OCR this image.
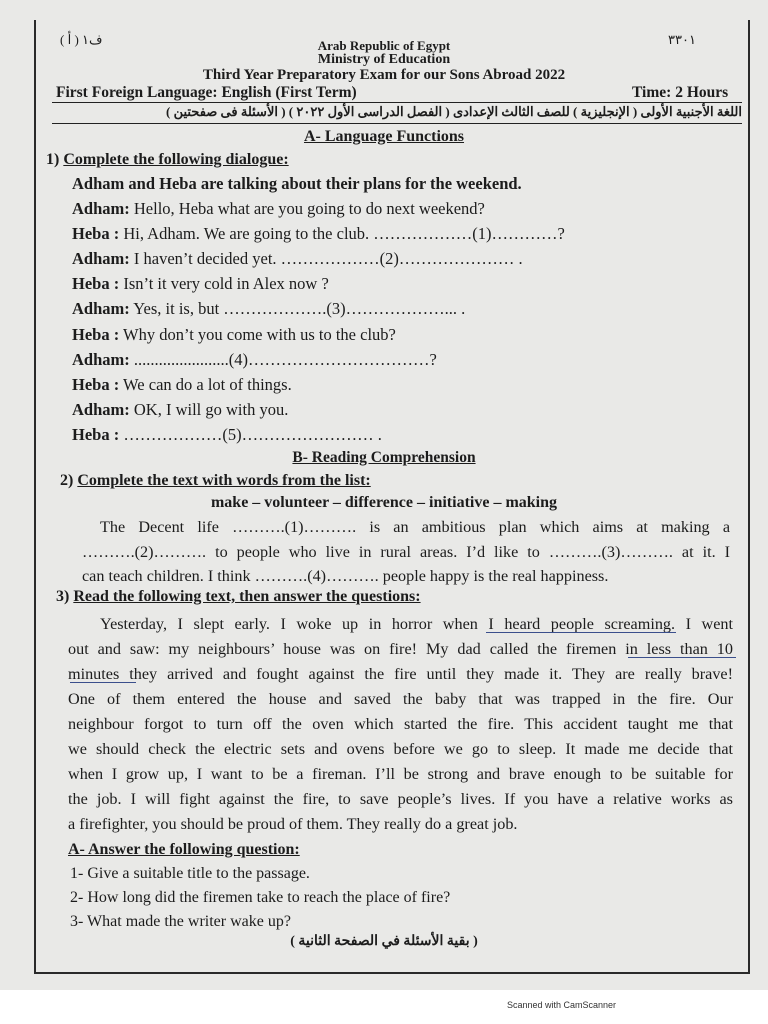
ف١ ( أ )	٣٣٠١
Arab Republic of Egypt
Ministry of Education
Third Year Preparatory Exam for our Sons Abroad 2022
First Foreign Language: English (First Term)	Time: 2 Hours
اللغة الأجنبية الأولى ( الإنجليزية ) للصف الثالث الإعدادى ( الفصل الدراسى الأول ٢٠٢٢ ) ( الأسئلة فى صفحتين )
A- Language Functions
1) Complete the following dialogue:
Adham and Heba are talking about their plans for the weekend.
Adham: Hello, Heba what are you going to do next weekend?
Heba : Hi, Adham. We are going to the club. ………………(1)…………?
Adham: I haven’t decided yet. ………………(2)………………… .
Heba : Isn’t it very cold in Alex now ?
Adham: Yes, it is, but ……………….(3)………………... .
Heba : Why don’t you come with us to the club?
Adham: .......................(4)……………………………?
Heba : We can do a lot of things.
Adham: OK, I will go with you.
Heba : ………………(5)…………………… .
B- Reading Comprehension
2) Complete the text with words from the list:
make – volunteer – difference – initiative – making
The Decent life ……….(1)………. is an ambitious plan which aims at making a
……….(2)………. to people who live in rural areas. I’d like to ……….(3)………. at it. I
can teach children. I think ……….(4)………. people happy is the real happiness.
3) Read the following text, then answer the questions:
Yesterday, I slept early. I woke up in horror when I heard people screaming. I went
out and saw: my neighbours’ house was on fire! My dad called the firemen in less than 10
minutes they arrived and fought against the fire until they made it. They are really brave!
One of them entered the house and saved the baby that was trapped in the fire. Our
neighbour forgot to turn off the oven which started the fire. This accident taught me that
we should check the electric sets and ovens before we go to sleep. It made me decide that
when I grow up, I want to be a fireman. I’ll be strong and brave enough to be suitable for
the job. I will fight against the fire, to save people’s lives. If you have a relative works as
a firefighter, you should be proud of them. They really do a great job.
A- Answer the following question:
1- Give a suitable title to the passage.
2- How long did the firemen take to reach the place of fire?
3- What made the writer wake up?
( بقية الأسئلة في الصفحة الثانية )
Scanned with CamScanner
